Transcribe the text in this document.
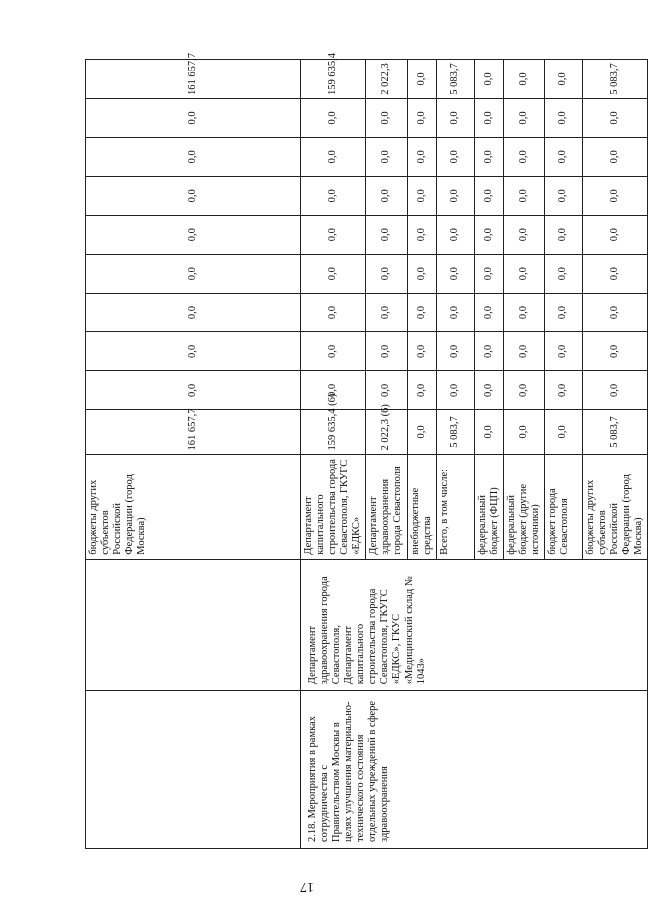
		бюджеты других субъектов Российской Федерации (город Москва)	161 657,7	0,0	0,0	0,0	0,0	0,0	0,0	0,0	0,0	161 657,7
2.18. Мероприятия в рамках сотрудничества с Правительством Москвы в целях улучшения материально-технического состояния отдельных учреждений в сфере здравоохранения	Департамент здравоохранения города Севастополя, Департамент капитального строительства города Севастополя, ГКУГС «ЕДКС», ГКУС «Медицинский склад № 1043»	Департамент капитального строительства города Севастополя, ГКУГС «ЕДКС»	159 635,4 (6)	0,0	0,0	0,0	0,0	0,0	0,0	0,0	0,0	159 635,4
		Департамент здравоохранения города Севастополя	2 022,3 (6)	0,0	0,0	0,0	0,0	0,0	0,0	0,0	0,0	2 022,3
		внебюджетные средства	0,0	0,0	0,0	0,0	0,0	0,0	0,0	0,0	0,0	0,0
		Всего, в том числе:	5 083,7	0,0	0,0	0,0	0,0	0,0	0,0	0,0	0,0	5 083,7
		федеральный бюджет (ФЦП)	0,0	0,0	0,0	0,0	0,0	0,0	0,0	0,0	0,0	0,0
		федеральный бюджет (другие источники)	0,0	0,0	0,0	0,0	0,0	0,0	0,0	0,0	0,0	0,0
		бюджет города Севастополя	0,0	0,0	0,0	0,0	0,0	0,0	0,0	0,0	0,0	0,0
		бюджеты других субъектов Российской Федерации (город Москва)	5 083,7	0,0	0,0	0,0	0,0	0,0	0,0	0,0	0,0	5 083,7
17
